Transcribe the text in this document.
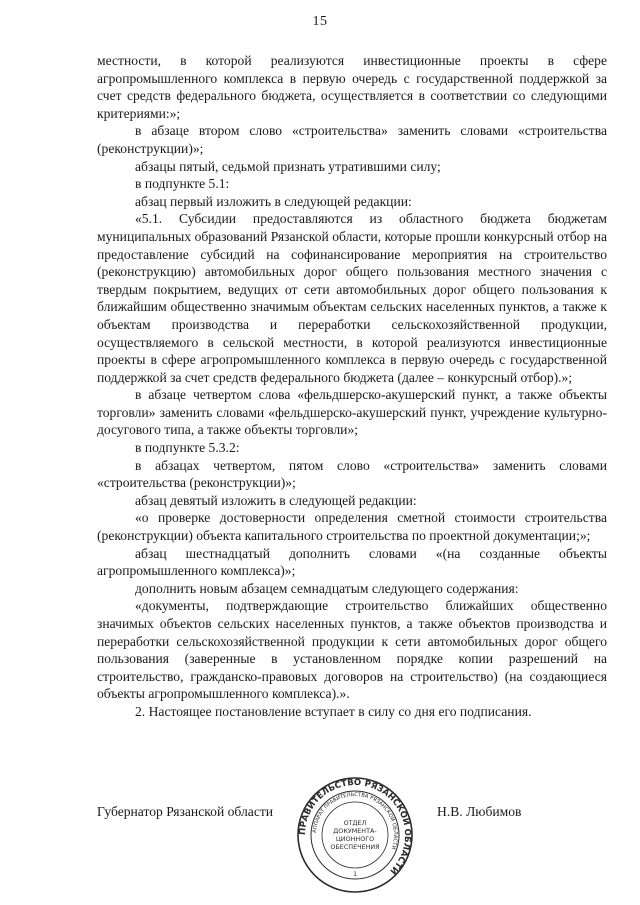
15

местности, в которой реализуются инвестиционные проекты в сфере агропромышленного комплекса в первую очередь с государственной поддержкой за счет средств федерального бюджета, осуществляется в соответствии со следующими критериями:»;

в абзаце втором слово «строительства» заменить словами «строительства (реконструкции)»;

абзацы пятый, седьмой признать утратившими силу;

в подпункте 5.1:

абзац первый изложить в следующей редакции:

«5.1. Субсидии предоставляются из областного бюджета бюджетам муниципальных образований Рязанской области, которые прошли конкурсный отбор на предоставление субсидий на софинансирование мероприятия на строительство (реконструкцию) автомобильных дорог общего пользования местного значения с твердым покрытием, ведущих от сети автомобильных дорог общего пользования к ближайшим общественно значимым объектам сельских населенных пунктов, а также к объектам производства и переработки сельскохозяйственной продукции, осуществляемого в сельской местности, в которой реализуются инвестиционные проекты в сфере агропромышленного комплекса в первую очередь с государственной поддержкой за счет средств федерального бюджета (далее – конкурсный отбор).»;

в абзаце четвертом слова «фельдшерско-акушерский пункт, а также объекты торговли» заменить словами «фельдшерско-акушерский пункт, учреждение культурно-досугового типа, а также объекты торговли»;

в подпункте 5.3.2:

в абзацах четвертом, пятом слово «строительства» заменить словами «строительства (реконструкции)»;

абзац девятый изложить в следующей редакции:

«о проверке достоверности определения сметной стоимости строительства (реконструкции) объекта капитального строительства по проектной документации;»;

абзац шестнадцатый дополнить словами «(на созданные объекты агропромышленного комплекса)»;

дополнить новым абзацем семнадцатым следующего содержания:

«документы, подтверждающие строительство ближайших общественно значимых объектов сельских населенных пунктов, а также объектов производства и переработки сельскохозяйственной продукции к сети автомобильных дорог общего пользования (заверенные в установленном порядке копии разрешений на строительство, гражданско-правовых договоров на строительство) (на создающиеся объекты агропромышленного комплекса).».

2. Настоящее постановление вступает в силу со дня его подписания.

Губернатор Рязанской области
ПРАВИТЕЛЬСТВО РЯЗАНСКОЙ ОБЛАСТИ
АППАРАТ ПРАВИТЕЛЬСТВА РЯЗАНСКОЙ ОБЛАСТИ
ОТДЕЛ
ДОКУМЕНТА-
ЦИОННОГО
ОБЕСПЕЧЕНИЯ
1
Н.В. Любимов
